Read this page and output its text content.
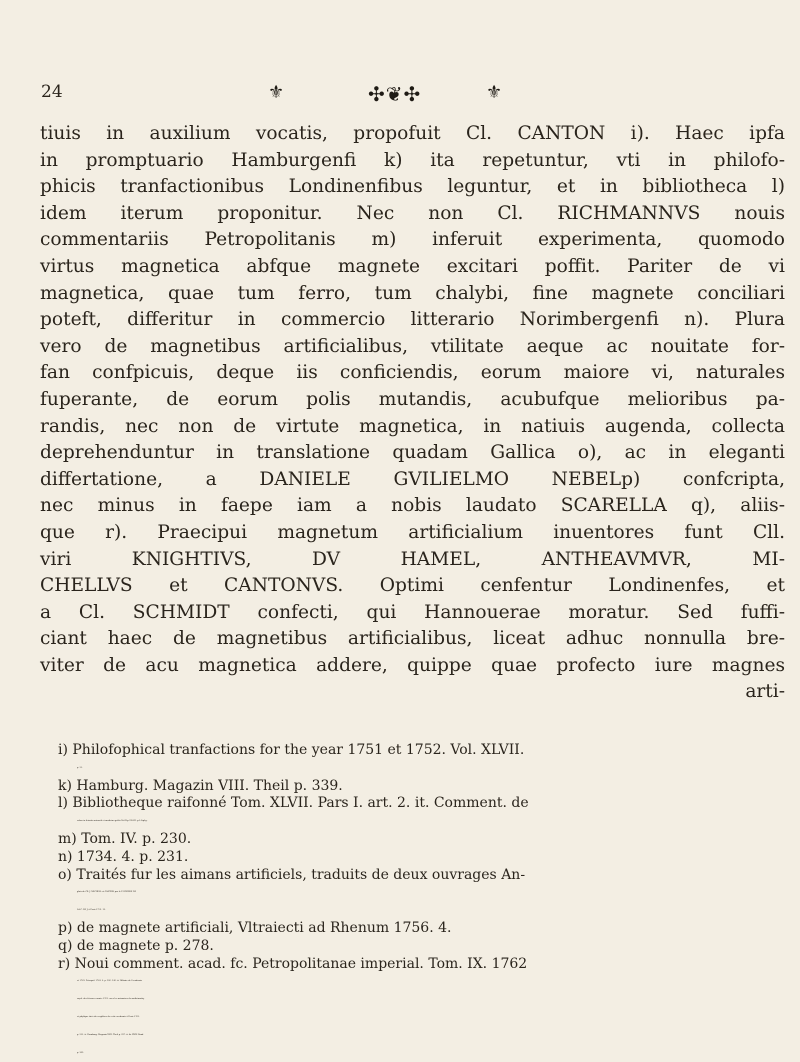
24	⚜	✣❦✣	⚜
tiuis in auxilium vocatis, propofuit Cl. CANTON i). Haec ipfa
in promptuario Hamburgenfi k) ita repetuntur, vti in philofo-
phicis tranfactionibus Londinenfibus leguntur, et in bibliotheca l)
idem iterum proponitur. Nec non Cl. RICHMANNVS nouis
commentariis Petropolitanis m) inferuit experimenta, quomodo
virtus magnetica abfque magnete excitari poffit. Pariter de vi
magnetica, quae tum ferro, tum chalybi, fine magnete conciliari
poteft, differitur in commercio litterario Norimbergenfi n). Plura
vero de magnetibus artificialibus, vtilitate aeque ac nouitate for-
fan confpicuis, deque iis conficiendis, eorum maiore vi, naturales
fuperante, de eorum polis mutandis, acubufque melioribus pa-
randis, nec non de virtute magnetica, in natiuis augenda, collecta
deprehenduntur in translatione quadam Gallica o), ac in eleganti
differtatione, a DANIELE GVILIELMO NEBELp) confcripta,
nec minus in faepe iam a nobis laudato SCARELLA q), aliis-
que r). Praecipui magnetum artificialium inuentores funt Cll.
viri KNIGHTIVS, DV HAMEL, ANTHEAVMVR, MI-
CHELLVS et CANTONVS. Optimi cenfentur Londinenfes, et
a Cl. SCHMIDT confecti, qui Hannouerae moratur. Sed fuffi-
ciant haec de magnetibus artificialibus, liceat adhuc nonnulla bre-
viter de acu magnetica addere, quippe quae profecto iure magnes
arti-
i) Philofophical tranfactions for the year 1751 et 1752. Vol. XLVII.
p. 31.
k) Hamburg. Magazin VIII. Theil p. 339.
l) Bibliotheque raifonné Tom. XLVII. Pars I. art. 2. it. Comment. de
rebus in fcientia naturali et medicina geftis Vol.II.p.339.III. p.9.Lipf.g.
m) Tom. IV. p. 230.
n) 1734. 4. p. 231.
o) Traités fur les aimans artificiels, traduits de deux ouvrages An-
glois de Cll. J. MICHELL et CANTON par le P. RIVIERE DE
LA C. DE J. à Paris 1752. 12.
p) de magnete artificiali, Vltraiecti ad Rhenum 1756. 4.
q) de magnete p. 278.
r) Noui comment. acad. fc. Petropolitanae imperial. Tom. IX. 1762
et 1763. Petropol. 1764. 4. p. 326. 340. it. Hiftoire de l'academie
royal. des fciences année 1761. avec les mémoires de mathématiq.
et phyfique tirés des regiftres de cette academie à Paris 1761.
p. 211. it. Hamburg. Magazin XVII. Theil p. 227. it. ib. XXIV. Band
p. 363.
